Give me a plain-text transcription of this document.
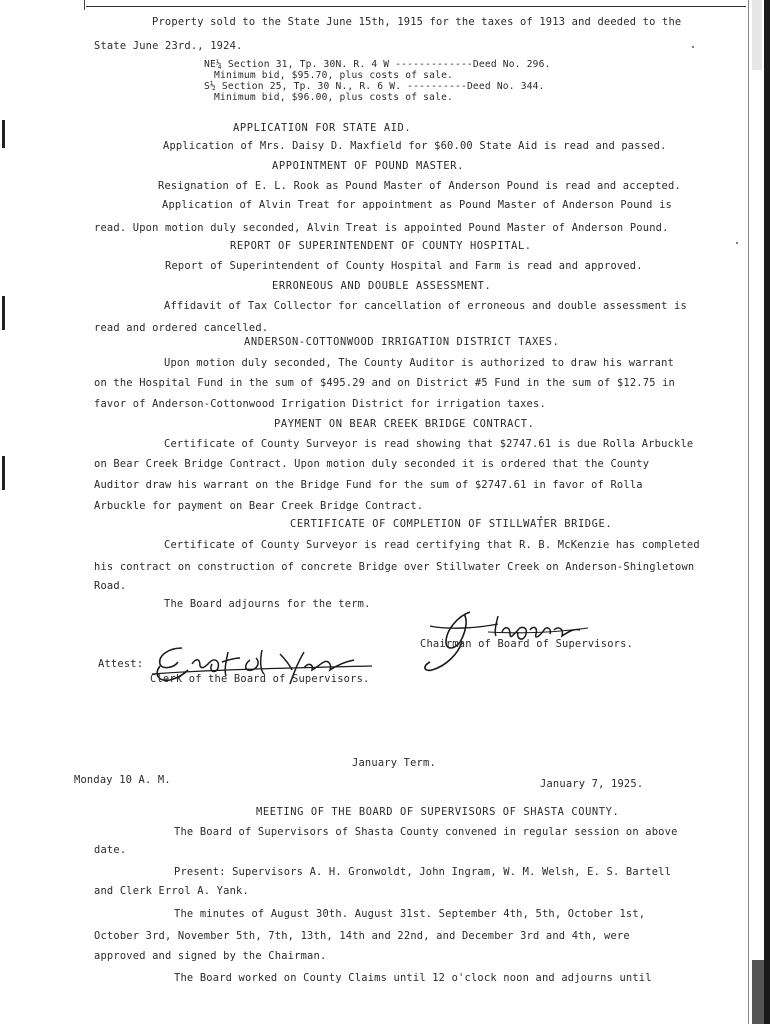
Property sold to the State June 15th, 1915 for the taxes of 1913 and deeded to the
State June 23rd., 1924.
NE¼ Section 31, Tp. 30N. R. 4 W -------------Deed No. 296.
Minimum bid, $95.70, plus costs of sale.
S½ Section 25, Tp. 30 N., R. 6 W. ----------Deed No. 344.
Minimum bid, $96.00, plus costs of sale.
APPLICATION FOR STATE AID.
Application of Mrs. Daisy D. Maxfield for $60.00 State Aid is read and passed.
APPOINTMENT OF POUND MASTER.
Resignation of E. L. Rook as Pound Master of Anderson Pound is read and accepted.
Application of Alvin Treat for appointment as Pound Master of Anderson Pound is
read. Upon motion duly seconded, Alvin Treat is appointed Pound Master of Anderson Pound.
REPORT OF SUPERINTENDENT OF COUNTY HOSPITAL.
Report of Superintendent of County Hospital and Farm is read and approved.
ERRONEOUS AND DOUBLE ASSESSMENT.
Affidavit of Tax Collector for cancellation of erroneous and double assessment is
read and ordered cancelled.
ANDERSON-COTTONWOOD IRRIGATION DISTRICT TAXES.
Upon motion duly seconded, The County Auditor is authorized to draw his warrant
on the Hospital Fund in the sum of $495.29 and on District #5 Fund in the sum of $12.75 in
favor of Anderson-Cottonwood Irrigation District for irrigation taxes.
PAYMENT ON BEAR CREEK BRIDGE CONTRACT.
Certificate of County Surveyor is read showing that $2747.61 is due Rolla Arbuckle
on Bear Creek Bridge Contract. Upon motion duly seconded it is ordered that the County
Auditor draw his warrant on the Bridge Fund for the sum of $2747.61 in favor of Rolla
Arbuckle for payment on Bear Creek Bridge Contract.
CERTIFICATE OF COMPLETION OF STILLWATER BRIDGE.
Certificate of County Surveyor is read certifying that R. B. McKenzie has completed
his contract on construction of concrete Bridge over Stillwater Creek on Anderson-Shingletown
Road.
The Board adjourns for the term.
Chairman of Board of Supervisors.
Attest:
Clerk of the Board of Supervisors.
January Term.
Monday 10 A. M.	January 7, 1925.
MEETING OF THE BOARD OF SUPERVISORS OF SHASTA COUNTY.
The Board of Supervisors of Shasta County convened in regular session on above
date.
Present: Supervisors A. H. Gronwoldt, John Ingram, W. M. Welsh, E. S. Bartell
and Clerk Errol A. Yank.
The minutes of August 30th. August 31st. September 4th, 5th, October 1st,
October 3rd, November 5th, 7th, 13th, 14th and 22nd, and December 3rd and 4th, were
approved and signed by the Chairman.
The Board worked on County Claims until 12 o'clock noon and adjourns until
